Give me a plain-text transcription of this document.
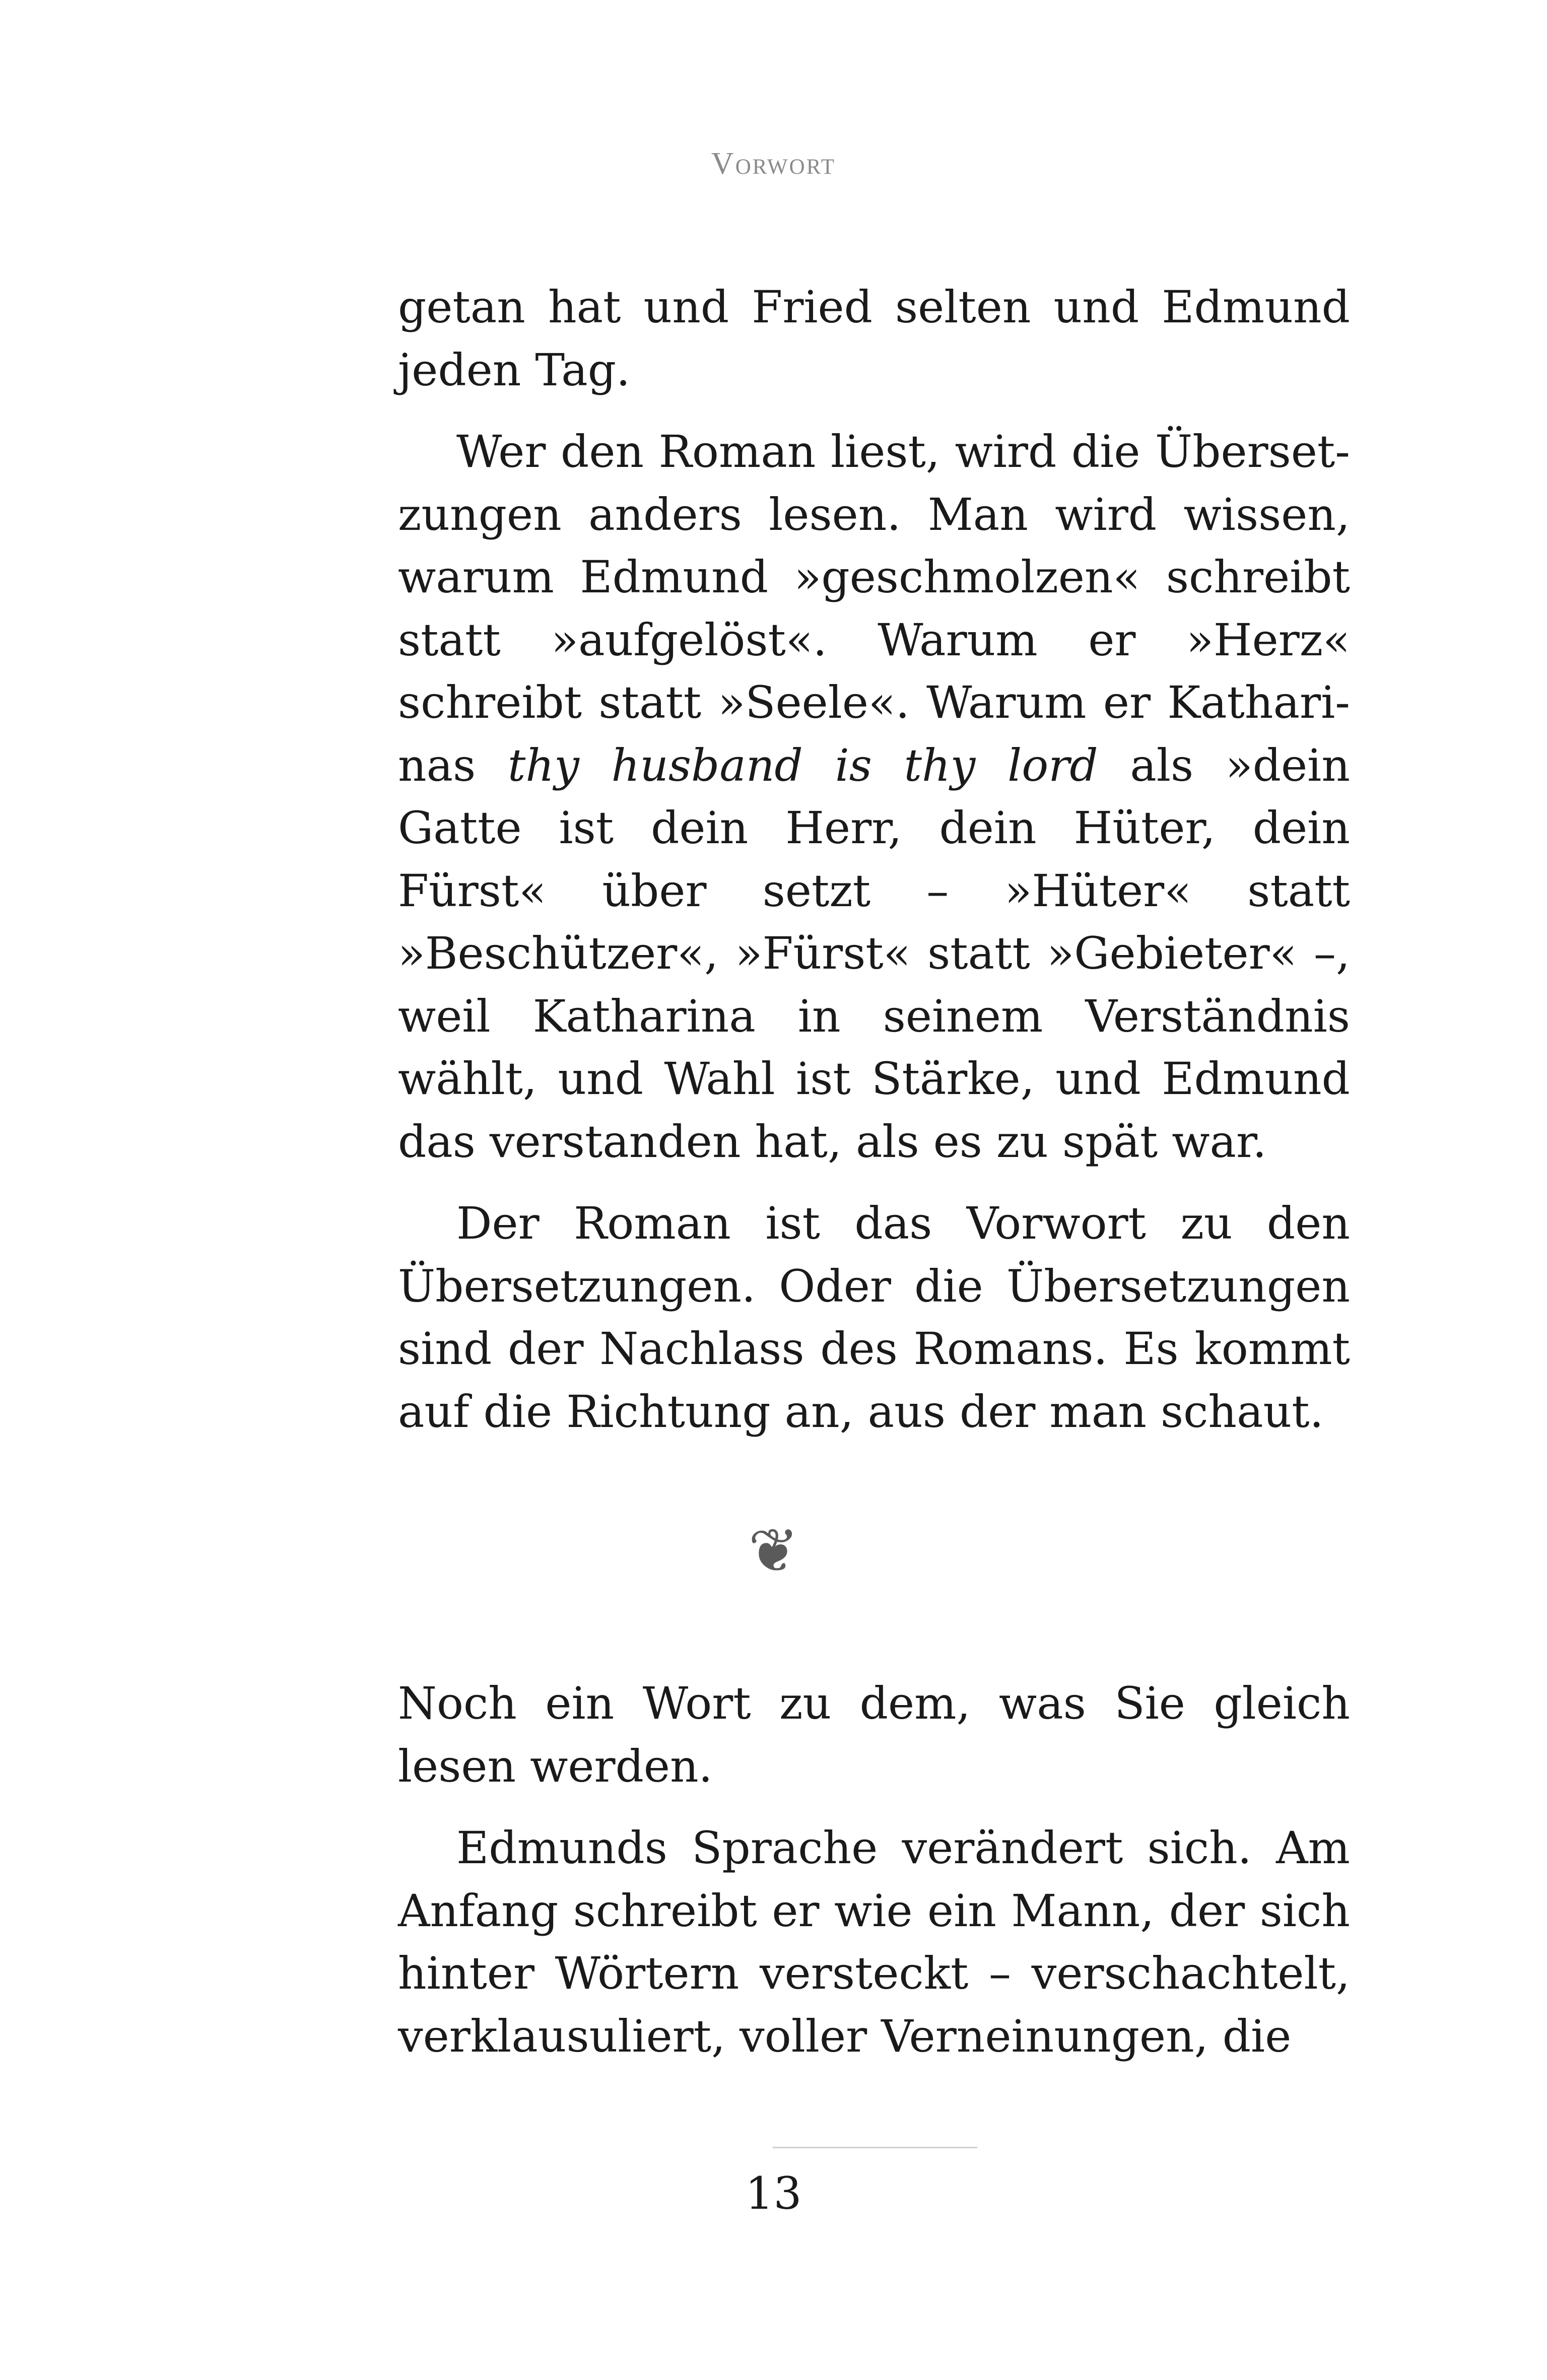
Vorwort

getan hat und Fried selten und Edmund jeden Tag.

Wer den Roman liest, wird die Übersetzungen anders lesen. Man wird wissen, warum Edmund »geschmolzen« schreibt statt »aufgelöst«. Warum er »Herz« schreibt statt »Seele«. Warum er Katharinas thy husband is thy lord als »dein Gatte ist dein Herr, dein Hüter, dein Fürst« über setzt – »Hüter« statt »Beschützer«, »Fürst« statt »Gebieter« –, weil Katharina in seinem Verständnis wählt, und Wahl ist Stärke, und Edmund das verstanden hat, als es zu spät war.

Der Roman ist das Vorwort zu den Übersetzungen. Oder die Übersetzungen sind der Nachlass des Romans. Es kommt auf die Richtung an, aus der man schaut.

❦

Noch ein Wort zu dem, was Sie gleich lesen werden.

Edmunds Sprache verändert sich. Am Anfang schreibt er wie ein Mann, der sich hinter Wörtern versteckt – verschachtelt, verklausuliert, voller Verneinungen, die

13
